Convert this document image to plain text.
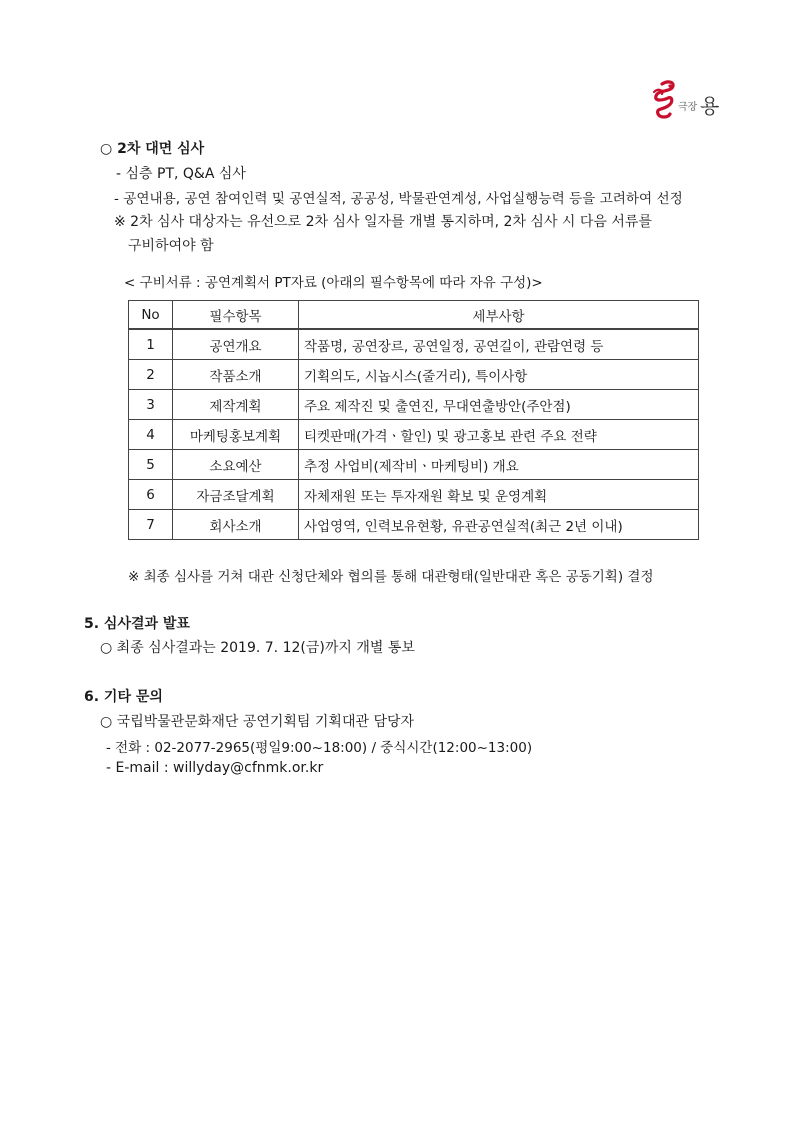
극장 용
○ 2차 대면 심사
- 심층 PT, Q&A 심사
- 공연내용, 공연 참여인력 및 공연실적, 공공성, 박물관연계성, 사업실행능력 등을 고려하여 선정
※ 2차 심사 대상자는 유선으로 2차 심사 일자를 개별 통지하며, 2차 심사 시 다음 서류를
구비하여야 함
< 구비서류 : 공연계획서 PT자료 (아래의 필수항목에 따라 자유 구성)>
No	필수항목	세부사항
1	공연개요	작품명, 공연장르, 공연일정, 공연길이, 관람연령 등
2	작품소개	기획의도, 시놉시스(줄거리), 특이사항
3	제작계획	주요 제작진 및 출연진, 무대연출방안(주안점)
4	마케팅홍보계획	티켓판매(가격ㆍ할인) 및 광고홍보 관련 주요 전략
5	소요예산	추정 사업비(제작비ㆍ마케팅비) 개요
6	자금조달계획	자체재원 또는 투자재원 확보 및 운영계획
7	회사소개	사업영역, 인력보유현황, 유관공연실적(최근 2년 이내)
※ 최종 심사를 거쳐 대관 신청단체와 협의를 통해 대관형태(일반대관 혹은 공동기획) 결정
5. 심사결과 발표
○ 최종 심사결과는 2019. 7. 12(금)까지 개별 통보
6. 기타 문의
○ 국립박물관문화재단 공연기획팀 기획대관 담당자
- 전화 : 02-2077-2965(평일9:00~18:00) / 중식시간(12:00~13:00)
- E-mail : willyday@cfnmk.or.kr
